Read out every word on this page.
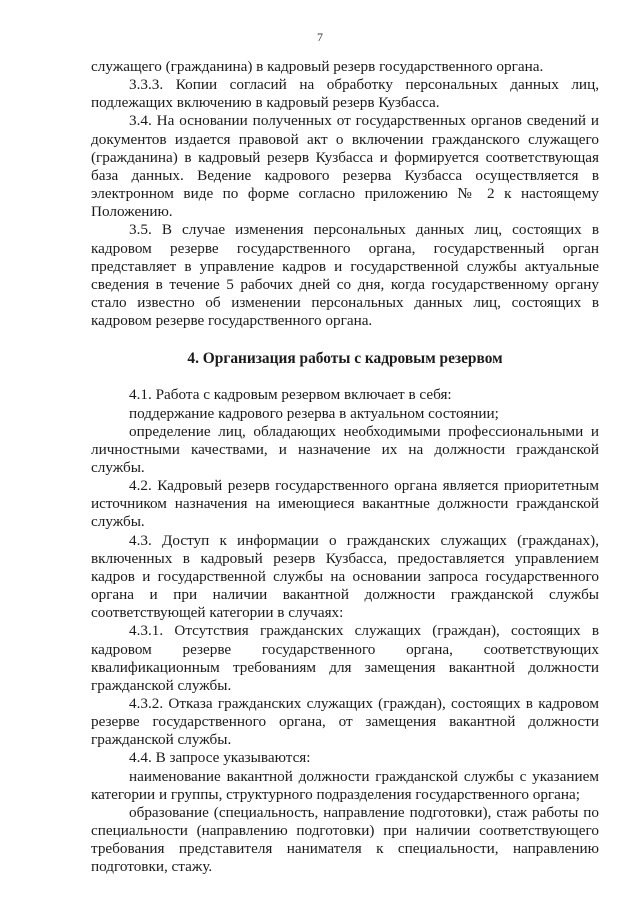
7

служащего (гражданина) в кадровый резерв государственного органа.

3.3.3. Копии согласий на обработку персональных данных лиц, подлежащих включению в кадровый резерв Кузбасса.

3.4. На основании полученных от государственных органов сведений и документов издается правовой акт о включении гражданского служащего (гражданина) в кадровый резерв Кузбасса и формируется соответствующая база данных. Ведение кадрового резерва Кузбасса осуществляется в электронном виде по форме согласно приложению № 2 к настоящему Положению.

3.5. В случае изменения персональных данных лиц, состоящих в кадровом резерве государственного органа, государственный орган представляет в управление кадров и государственной службы актуальные сведения в течение 5 рабочих дней со дня, когда государственному органу стало известно об изменении персональных данных лиц, состоящих в кадровом резерве государственного органа.

4. Организация работы с кадровым резервом

4.1. Работа с кадровым резервом включает в себя:

поддержание кадрового резерва в актуальном состоянии;

определение лиц, обладающих необходимыми профессиональными и личностными качествами, и назначение их на должности гражданской службы.

4.2. Кадровый резерв государственного органа является приоритетным источником назначения на имеющиеся вакантные должности гражданской службы.

4.3. Доступ к информации о гражданских служащих (гражданах), включенных в кадровый резерв Кузбасса, предоставляется управлением кадров и государственной службы на основании запроса государственного органа и при наличии вакантной должности гражданской службы соответствующей категории в случаях:

4.3.1. Отсутствия гражданских служащих (граждан), состоящих в кадровом резерве государственного органа, соответствующих квалификационным требованиям для замещения вакантной должности гражданской службы.

4.3.2. Отказа гражданских служащих (граждан), состоящих в кадровом резерве государственного органа, от замещения вакантной должности гражданской службы.

4.4. В запросе указываются:

наименование вакантной должности гражданской службы с указанием категории и группы, структурного подразделения государственного органа;

образование (специальность, направление подготовки), стаж работы по специальности (направлению подготовки) при наличии соответствующего требования представителя нанимателя к специальности, направлению подготовки, стажу.
